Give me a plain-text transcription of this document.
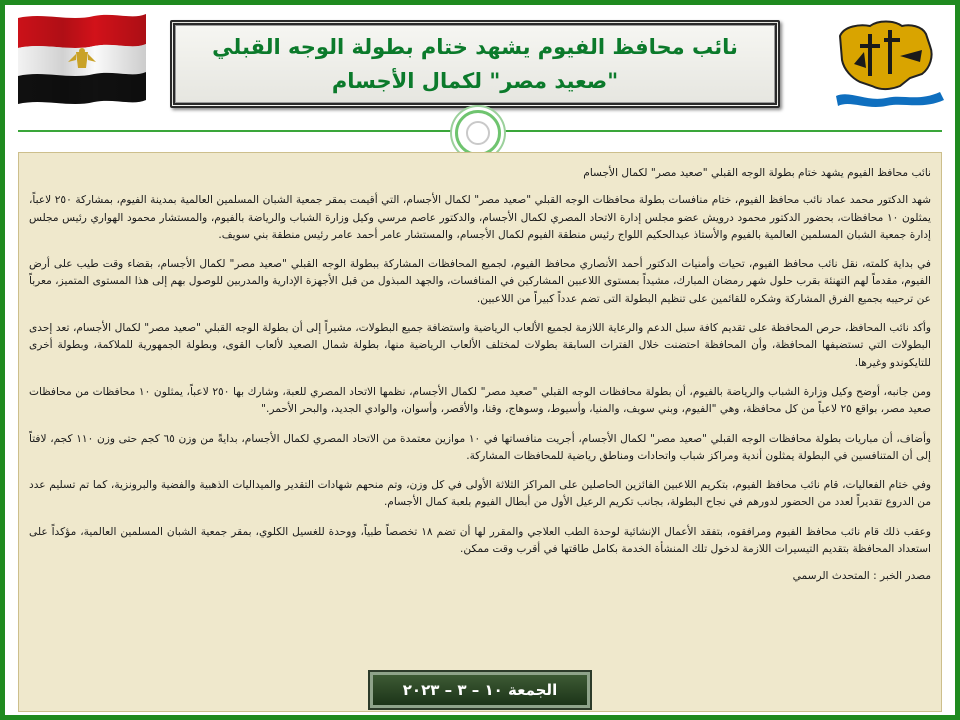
نائب محافظ الفيوم يشهد ختام بطولة الوجه القبلي "صعيد مصر" لكمال الأجسام

نائب محافظ الفيوم يشهد ختام بطولة الوجه القبلي "صعيد مصر" لكمال الأجسام

شهد الدكتور محمد عماد نائب محافظ الفيوم، ختام منافسات بطولة محافظات الوجه القبلي "صعيد مصر" لكمال الأجسام، التي أقيمت بمقر جمعية الشبان المسلمين العالمية بمدينة الفيوم، بمشاركة ٢٥٠ لاعباً، يمثلون ١٠ محافظات، بحضور الدكتور محمود درويش عضو مجلس إدارة الاتحاد المصري لكمال الأجسام، والدكتور عاصم مرسي وكيل وزارة الشباب والرياضة بالفيوم، والمستشار محمود الهواري رئيس مجلس إدارة جمعية الشبان المسلمين العالمية بالفيوم والأستاذ عبدالحكيم اللواج رئيس منطقة الفيوم لكمال الأجسام، والمستشار عامر أحمد عامر رئيس منطقة بني سويف.

في بداية كلمته، نقل نائب محافظ الفيوم، تحيات وأمنيات الدكتور أحمد الأنصاري محافظ الفيوم، لجميع المحافظات المشاركة ببطولة الوجه القبلي "صعيد مصر" لكمال الأجسام، بقضاء وقت طيب على أرض الفيوم، مقدماً لهم التهنئة بقرب حلول شهر رمضان المبارك، مشيداً بمستوى اللاعبين المشاركين في المنافسات، والجهد المبذول من قبل الأجهزة الإدارية والمدربين للوصول بهم إلى هذا المستوى المتميز، معرباً عن ترحيبه بجميع الفرق المشاركة وشكره للقائمين على تنظيم البطولة التى تضم عدداً كبيراً من اللاعبين.

وأكد نائب المحافظ، حرص المحافظة على تقديم كافة سبل الدعم والرعاية اللازمة لجميع الألعاب الرياضية واستضافة جميع البطولات، مشيراً إلى أن بطولة الوجه القبلي "صعيد مصر" لكمال الأجسام، تعد إحدى البطولات التي تستضيفها المحافظة، وأن المحافظة احتضنت خلال الفترات السابقة بطولات لمختلف الألعاب الرياضية منها، بطولة شمال الصعيد لألعاب القوى، وبطولة الجمهورية للملاكمة، وبطولة أخرى للتايكوندو وغيرها.

ومن جانبه، أوضح وكيل وزارة الشباب والرياضة بالفيوم، أن بطولة محافظات الوجه القبلي "صعيد مصر" لكمال الأجسام، نظمها الاتحاد المصري للعبة، وشارك بها ٢٥٠ لاعباً، يمثلون ١٠ محافظات من محافظات صعيد مصر، بواقع ٢٥ لاعباً من كل محافظة، وهي "الفيوم، وبني سويف، والمنيا، وأسيوط، وسوهاج، وقنا، والأقصر، وأسوان، والوادي الجديد، والبحر الأحمر."

وأضاف، أن مباريات بطولة محافظات الوجه القبلي "صعيد مصر" لكمال الأجسام، أجريت منافساتها في ١٠ موازين معتمدة من الاتحاد المصري لكمال الأجسام، بدايةً من وزن ٦٥ كجم حتى وزن ١١٠ كجم، لافتاً إلى أن المتنافسين في البطولة يمثلون أندية ومراكز شباب واتحادات ومناطق رياضية للمحافظات المشاركة.

وفي ختام الفعاليات، قام نائب محافظ الفيوم، بتكريم اللاعبين الفائزين الحاصلين على المراكز الثلاثة الأولى في كل وزن، وتم منحهم شهادات التقدير والميداليات الذهبية والفضية والبرونزية، كما تم تسليم عدد من الدروع تقديراً لعدد من الحضور لدورهم في نجاح البطولة، بجانب تكريم الرعيل الأول من أبطال الفيوم بلعبة كمال الأجسام.

وعقب ذلك قام نائب محافظ الفيوم ومرافقوه، بتفقد الأعمال الإنشائية لوحدة الطب العلاجي والمقرر لها أن تضم ١٨ تخصصاً طبياً، ووحدة للغسيل الكلوي، بمقر جمعية الشبان المسلمين العالمية، مؤكداً على استعداد المحافظة بتقديم التيسيرات اللازمة لدخول تلك المنشأة الخدمة بكامل طاقتها في أقرب وقت ممكن.

مصدر الخبر : المتحدث الرسمي
الجمعة ١٠ – ٣ – ٢٠٢٣
